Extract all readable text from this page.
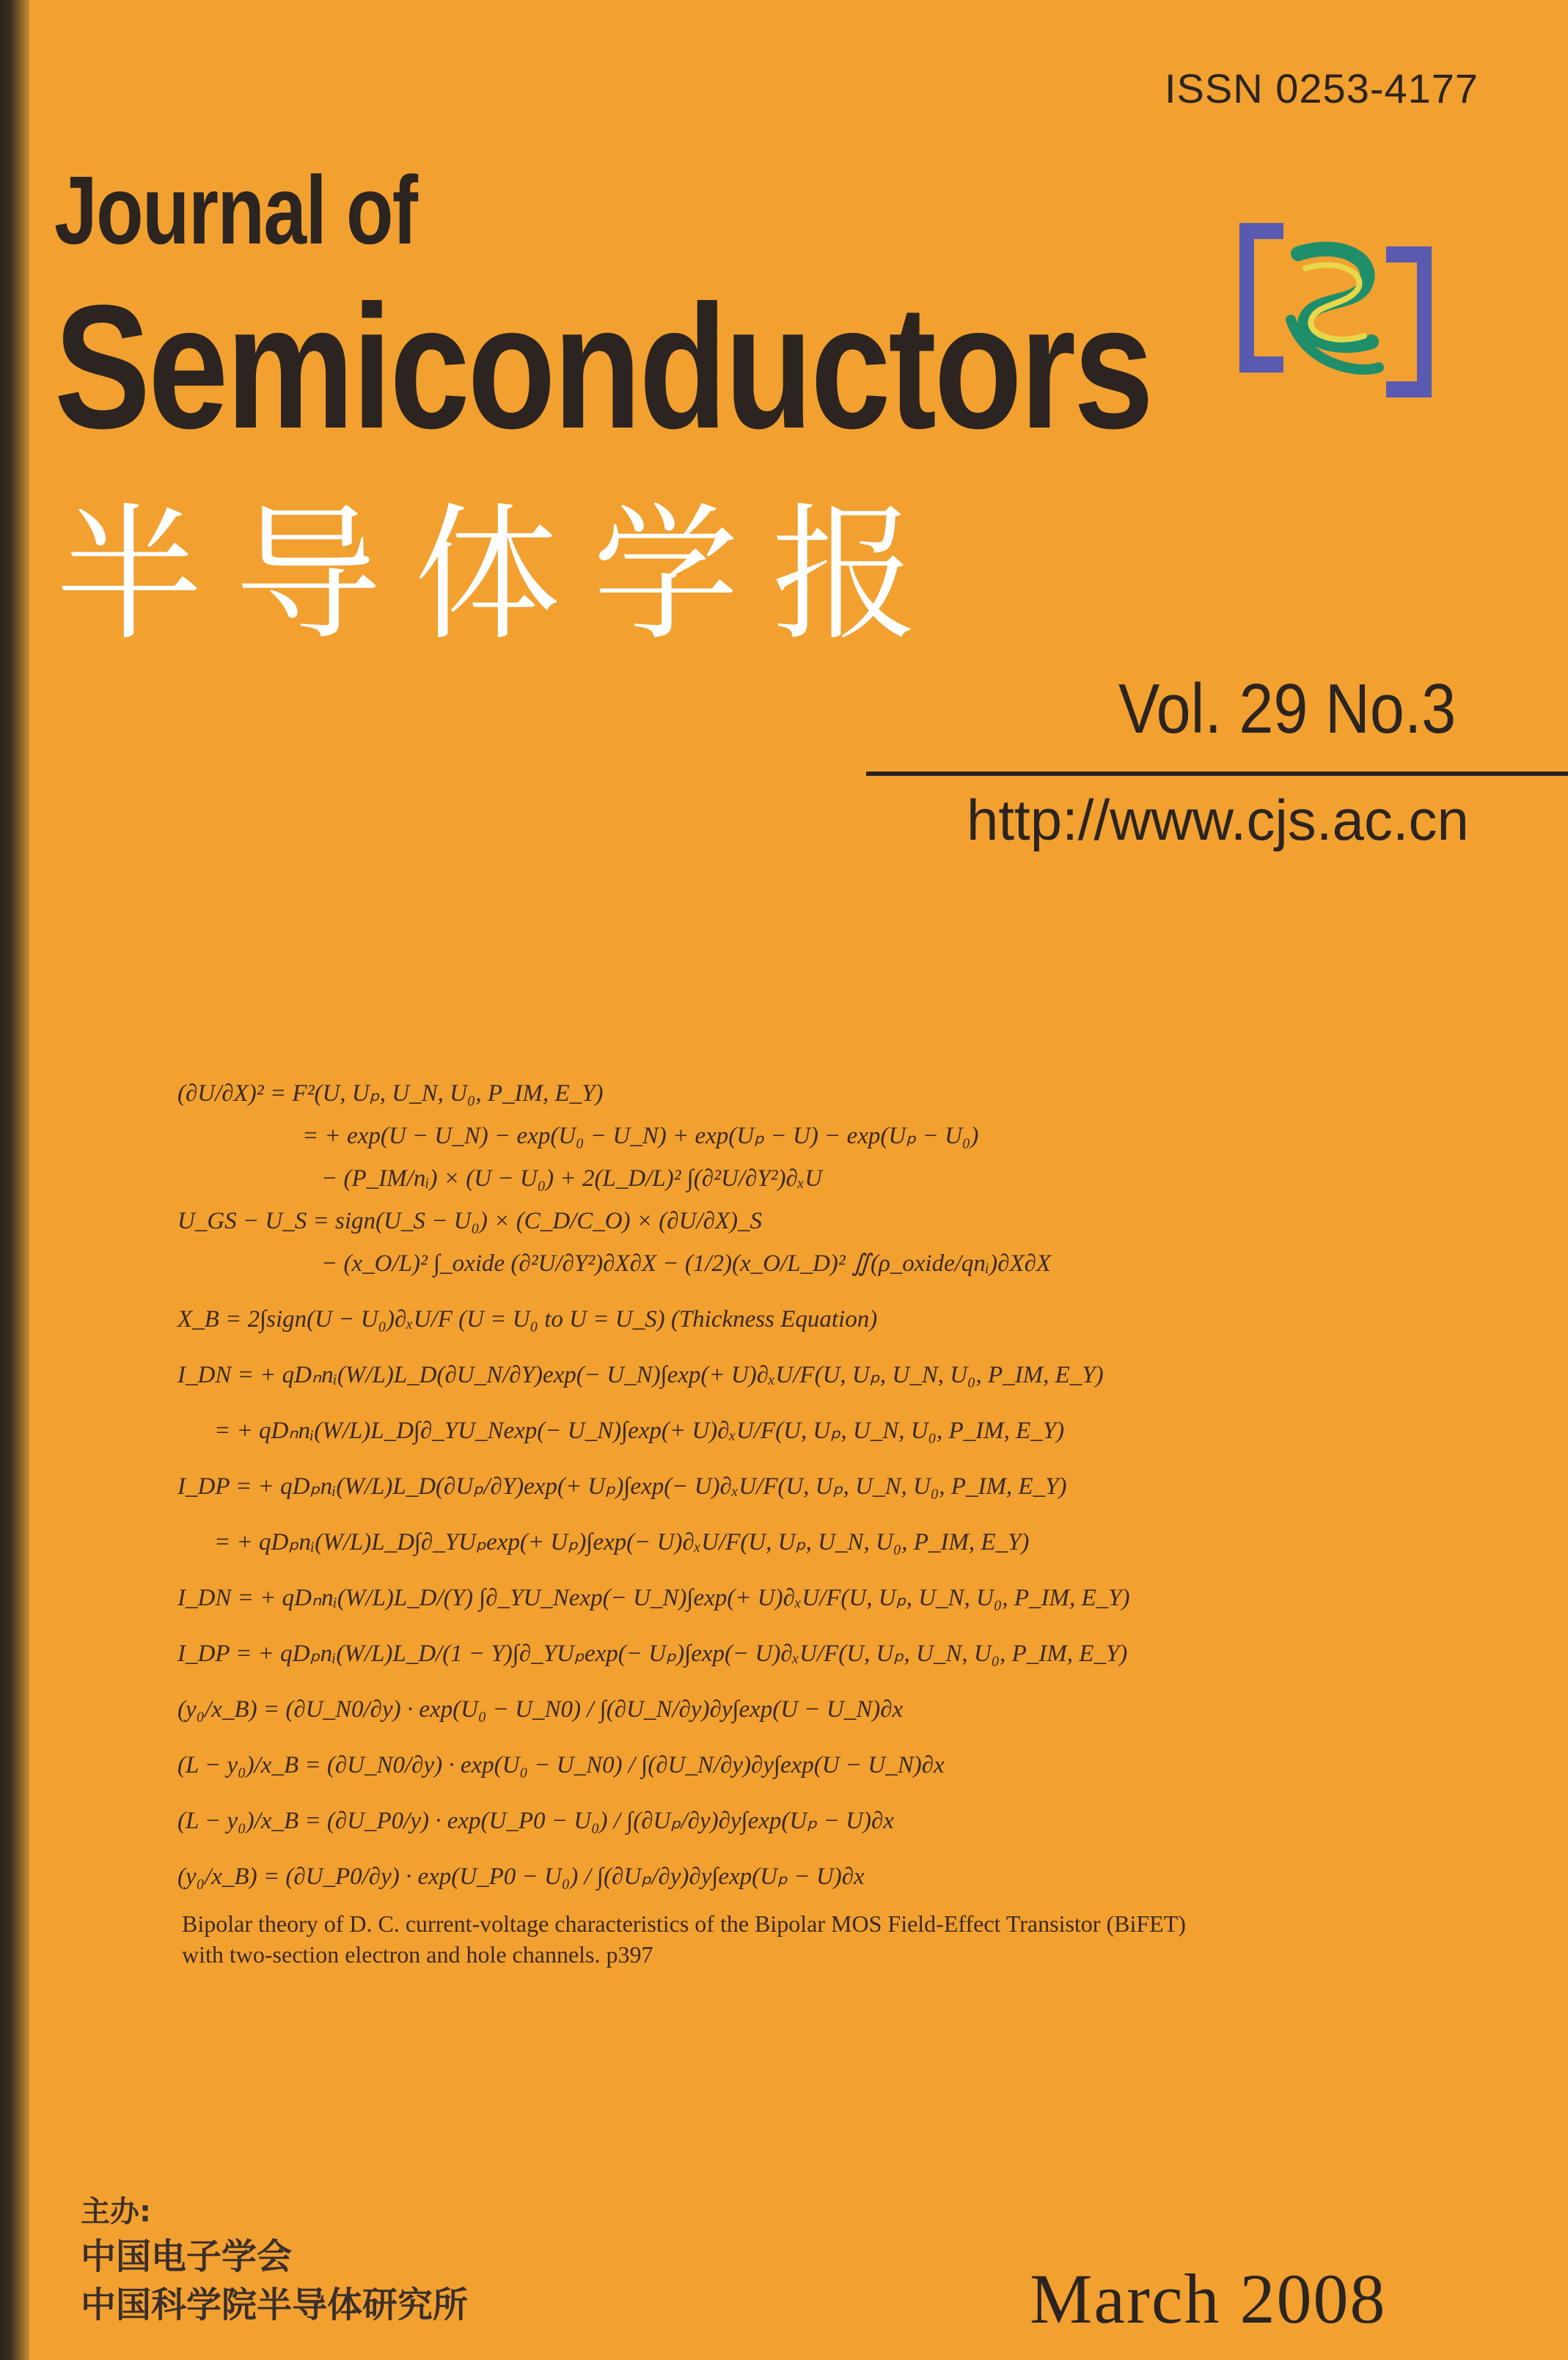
ISSN 0253-4177
Journal of
Semiconductors
半导体学报
Vol. 29 No.3
http://www.cjs.ac.cn
(∂U/∂X)² = F²(U, Uₚ, U_N, U₀, P_IM, E_Y)
= + exp(U − U_N) − exp(U₀ − U_N) + exp(Uₚ − U) − exp(Uₚ − U₀)
− (P_IM/nᵢ) × (U − U₀) + 2(L_D/L)² ∫(∂²U/∂Y²)∂ₓU
U_GS − U_S = sign(U_S − U₀) × (C_D/C_O) × (∂U/∂X)_S
− (x_O/L)² ∫_oxide (∂²U/∂Y²)∂X∂X − (1/2)(x_O/L_D)² ∬(ρ_oxide/qnᵢ)∂X∂X
X_B = 2∫sign(U − U₀)∂ₓU/F (U = U₀ to U = U_S) (Thickness Equation)
I_DN = + qDₙnᵢ(W/L)L_D(∂U_N/∂Y)exp(− U_N)∫exp(+ U)∂ₓU/F(U, Uₚ, U_N, U₀, P_IM, E_Y)
= + qDₙnᵢ(W/L)L_D∫∂_YU_Nexp(− U_N)∫exp(+ U)∂ₓU/F(U, Uₚ, U_N, U₀, P_IM, E_Y)
I_DP = + qDₚnᵢ(W/L)L_D(∂Uₚ/∂Y)exp(+ Uₚ)∫exp(− U)∂ₓU/F(U, Uₚ, U_N, U₀, P_IM, E_Y)
= + qDₚnᵢ(W/L)L_D∫∂_YUₚexp(+ Uₚ)∫exp(− U)∂ₓU/F(U, Uₚ, U_N, U₀, P_IM, E_Y)
I_DN = + qDₙnᵢ(W/L)L_D/(Y) ∫∂_YU_Nexp(− U_N)∫exp(+ U)∂ₓU/F(U, Uₚ, U_N, U₀, P_IM, E_Y)
I_DP = + qDₚnᵢ(W/L)L_D/(1 − Y)∫∂_YUₚexp(− Uₚ)∫exp(− U)∂ₓU/F(U, Uₚ, U_N, U₀, P_IM, E_Y)
(y₀/x_B) = (∂U_N0/∂y) · exp(U₀ − U_N0) / ∫(∂U_N/∂y)∂y∫exp(U − U_N)∂x
(L − y₀)/x_B = (∂U_N0/∂y) · exp(U₀ − U_N0) / ∫(∂U_N/∂y)∂y∫exp(U − U_N)∂x
(L − y₀)/x_B = (∂U_P0/y) · exp(U_P0 − U₀) / ∫(∂Uₚ/∂y)∂y∫exp(Uₚ − U)∂x
(y₀/x_B) = (∂U_P0/∂y) · exp(U_P0 − U₀) / ∫(∂Uₚ/∂y)∂y∫exp(Uₚ − U)∂x
Bipolar theory of D. C. current-voltage characteristics of the Bipolar MOS Field-Effect Transistor (BiFET)
with two-section electron and hole channels. p397
主办:
中国电子学会
中国科学院半导体研究所	March 2008
